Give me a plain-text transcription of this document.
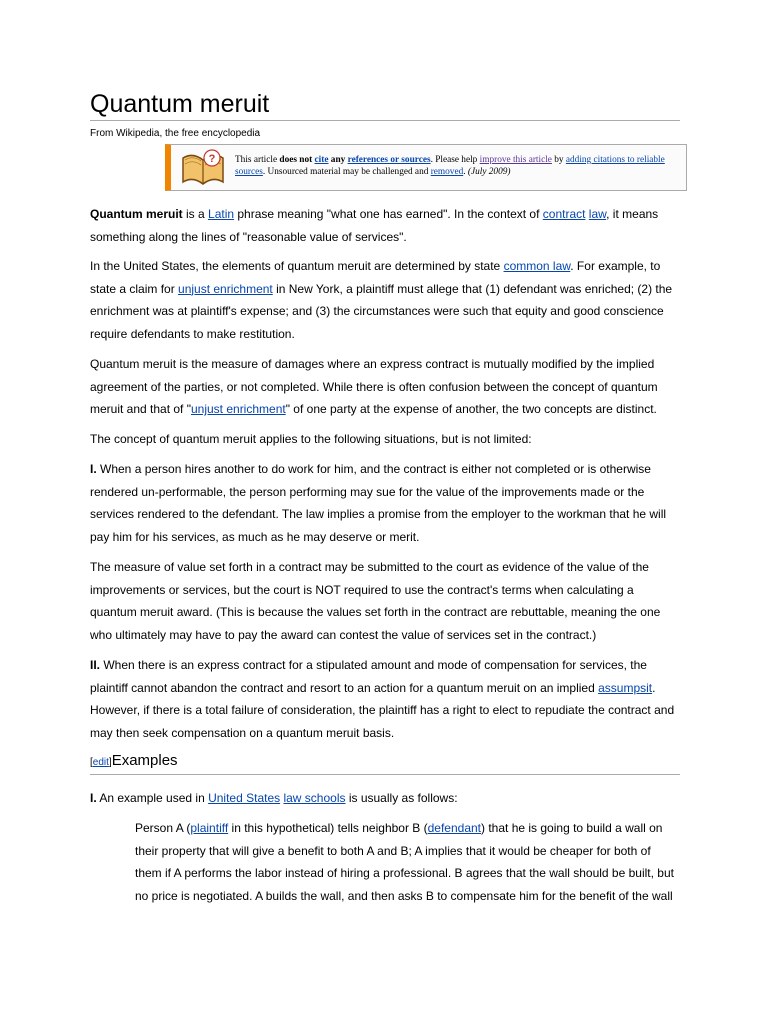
Quantum meruit
From Wikipedia, the free encyclopedia
? This article does not cite any references or sources. Please help improve this article by adding citations to reliable sources. Unsourced material may be challenged and removed. (July 2009)

Quantum meruit is a Latin phrase meaning "what one has earned". In the context of contract law, it means something along the lines of "reasonable value of services".

In the United States, the elements of quantum meruit are determined by state common law. For example, to state a claim for unjust enrichment in New York, a plaintiff must allege that (1) defendant was enriched; (2) the enrichment was at plaintiff's expense; and (3) the circumstances were such that equity and good conscience require defendants to make restitution.

Quantum meruit is the measure of damages where an express contract is mutually modified by the implied agreement of the parties, or not completed. While there is often confusion between the concept of quantum meruit and that of "unjust enrichment" of one party at the expense of another, the two concepts are distinct.

The concept of quantum meruit applies to the following situations, but is not limited:

I. When a person hires another to do work for him, and the contract is either not completed or is otherwise rendered un-performable, the person performing may sue for the value of the improvements made or the services rendered to the defendant. The law implies a promise from the employer to the workman that he will pay him for his services, as much as he may deserve or merit.

The measure of value set forth in a contract may be submitted to the court as evidence of the value of the improvements or services, but the court is NOT required to use the contract's terms when calculating a quantum meruit award. (This is because the values set forth in the contract are rebuttable, meaning the one who ultimately may have to pay the award can contest the value of services set in the contract.)

II. When there is an express contract for a stipulated amount and mode of compensation for services, the plaintiff cannot abandon the contract and resort to an action for a quantum meruit on an implied assumpsit. However, if there is a total failure of consideration, the plaintiff has a right to elect to repudiate the contract and may then seek compensation on a quantum meruit basis.

[edit]Examples

I. An example used in United States law schools is usually as follows:

Person A (plaintiff in this hypothetical) tells neighbor B (defendant) that he is going to build a wall on their property that will give a benefit to both A and B; A implies that it would be cheaper for both of them if A performs the labor instead of hiring a professional. B agrees that the wall should be built, but no price is negotiated. A builds the wall, and then asks B to compensate him for the benefit of the wall
